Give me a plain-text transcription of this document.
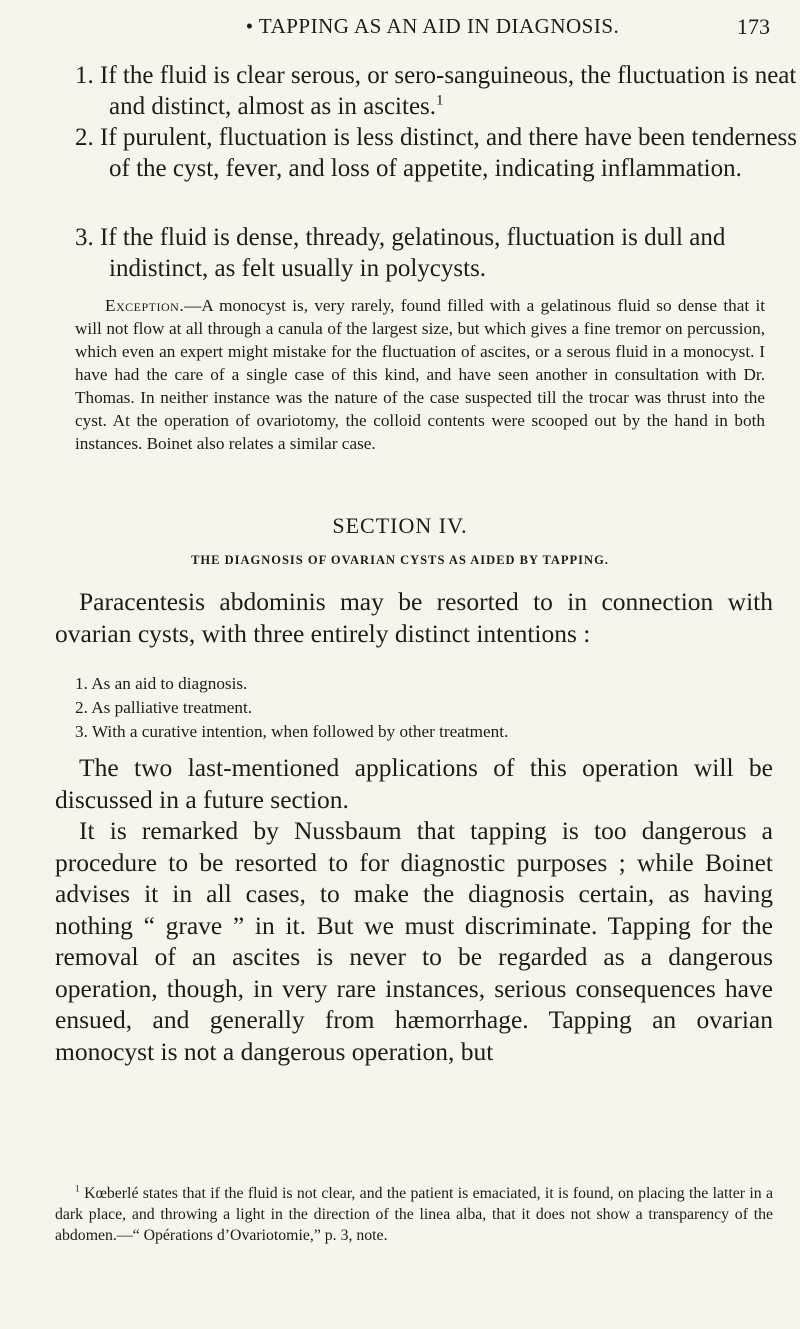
• TAPPING AS AN AID IN DIAGNOSIS.	173
1. If the fluid is clear serous, or sero-sanguineous, the fluctuation is neat and distinct, almost as in ascites.$^1$
2. If purulent, fluctuation is less distinct, and there have been tenderness of the cyst, fever, and loss of appetite, indicating inflammation.
3. If the fluid is dense, thready, gelatinous, fluctuation is dull and indistinct, as felt usually in polycysts.

Exception.—A monocyst is, very rarely, found filled with a gelatinous fluid so dense that it will not flow at all through a canula of the largest size, but which gives a fine tremor on percussion, which even an expert might mistake for the fluctuation of ascites, or a serous fluid in a monocyst. I have had the care of a single case of this kind, and have seen another in consultation with Dr. Thomas. In neither instance was the nature of the case suspected till the trocar was thrust into the cyst. At the operation of ovariotomy, the colloid contents were scooped out by the hand in both instances. Boinet also relates a similar case.

SECTION IV.
THE DIAGNOSIS OF OVARIAN CYSTS AS AIDED BY TAPPING.

Paracentesis abdominis may be resorted to in connection with ovarian cysts, with three entirely distinct intentions :

1. As an aid to diagnosis.
2. As palliative treatment.
3. With a curative intention, when followed by other treatment.

The two last-mentioned applications of this operation will be discussed in a future section.

It is remarked by Nussbaum that tapping is too dangerous a procedure to be resorted to for diagnostic purposes ; while Boinet advises it in all cases, to make the diagnosis certain, as having nothing “ grave ” in it. But we must discriminate. Tapping for the removal of an ascites is never to be regarded as a dangerous operation, though, in very rare instances, serious consequences have ensued, and generally from hæmorrhage. Tapping an ovarian monocyst is not a dangerous operation, but

$^1$ Kœberlé states that if the fluid is not clear, and the patient is emaciated, it is found, on placing the latter in a dark place, and throwing a light in the direction of the linea alba, that it does not show a transparency of the abdomen.—“ Opérations d’Ovariotomie,” p. 3, note.
